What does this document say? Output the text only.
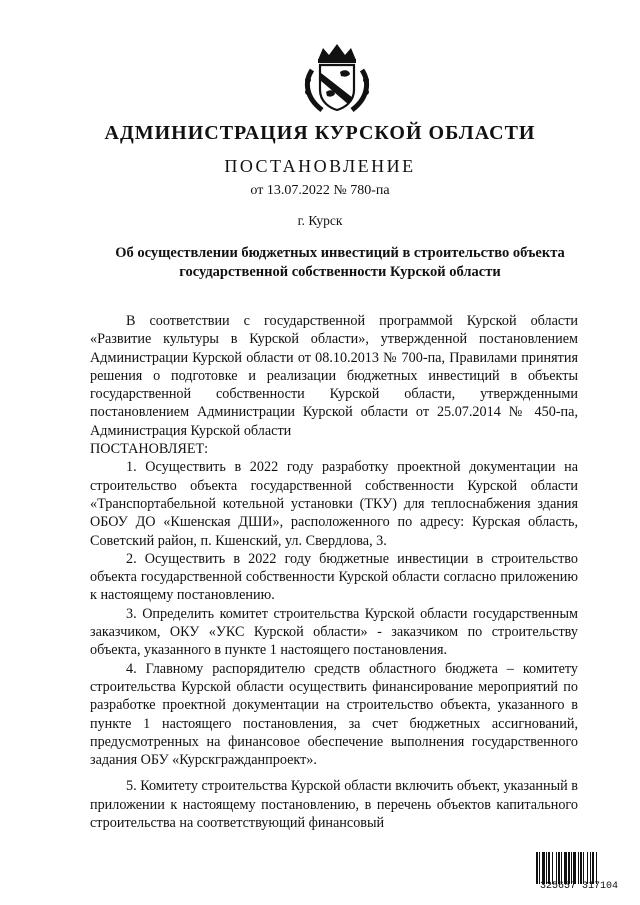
АДМИНИСТРАЦИЯ КУРСКОЙ ОБЛАСТИ
ПОСТАНОВЛЕНИЕ
от 13.07.2022 № 780-па
г. Курск
Об осуществлении бюджетных инвестиций в строительство объекта
государственной собственности Курской области

В соответствии с государственной программой Курской области «Развитие культуры в Курской области», утвержденной постановлением Администрации Курской области от 08.10.2013 № 700-па, Правилами принятия решения о подготовке и реализации бюджетных инвестиций в объекты государственной собственности Курской области, утвержденными постановлением Администрации Курской области от 25.07.2014 № 450-па, Администрация Курской области

ПОСТАНОВЛЯЕТ:

1. Осуществить в 2022 году разработку проектной документации на строительство объекта государственной собственности Курской области «Транспортабельной котельной установки (ТКУ) для теплоснабжения здания ОБОУ ДО «Кшенская ДШИ», расположенного по адресу: Курская область, Советский район, п. Кшенский, ул. Свердлова, 3.

2. Осуществить в 2022 году бюджетные инвестиции в строительство объекта государственной собственности Курской области согласно приложению к настоящему постановлению.

3. Определить комитет строительства Курской области государственным заказчиком, ОКУ «УКС Курской области» - заказчиком по строительству объекта, указанного в пункте 1 настоящего постановления.

4. Главному распорядителю средств областного бюджета – комитету строительства Курской области осуществить финансирование мероприятий по разработке проектной документации на строительство объекта, указанного в пункте 1 настоящего постановления, за счет бюджетных ассигнований, предусмотренных на финансовое обеспечение выполнения государственного задания ОБУ «Курскгражданпроект».

5. Комитету строительства Курской области включить объект, указанный в приложении к настоящему постановлению, в перечень объектов капитального строительства на соответствующий финансовый

325657 317104
